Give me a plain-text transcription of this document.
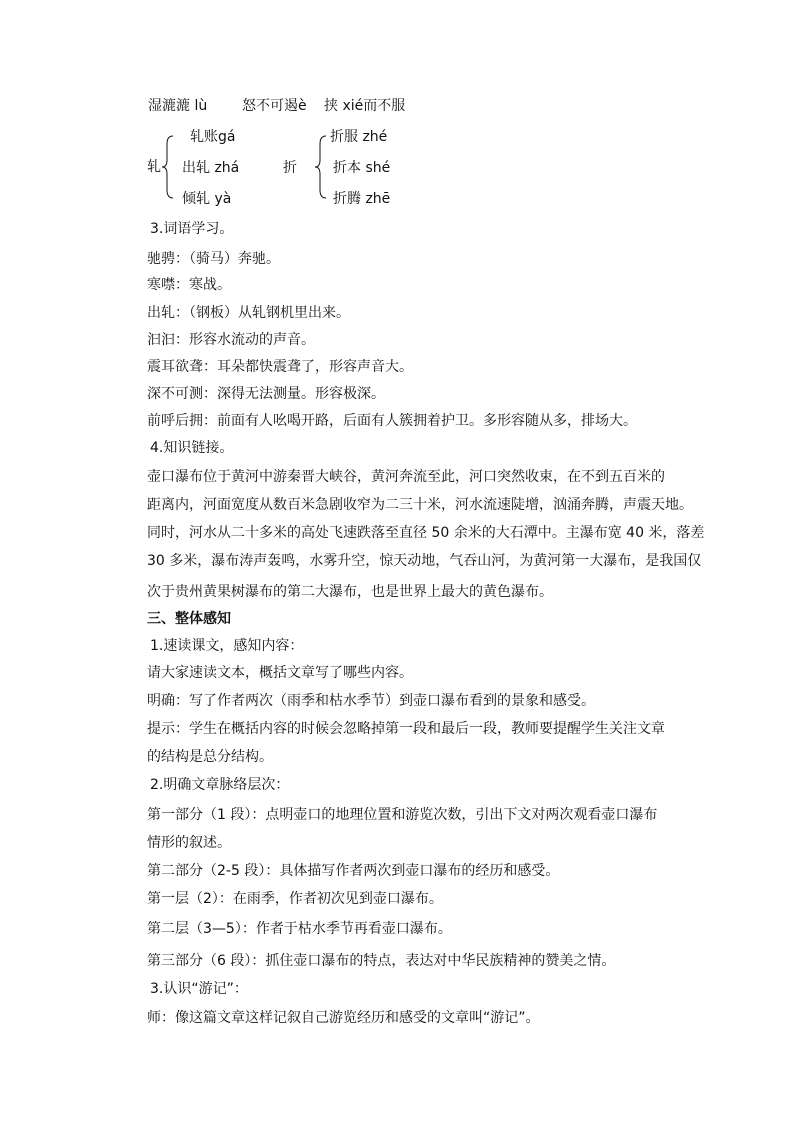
湿漉漉 lù 怒不可遏è 挟 xié而不服
轧
轧账gá
出轧 zhá
倾轧 yà
折
折服 zhé
折本 shé
折腾 zhē
3.词语学习。
驰骋：（骑马）奔驰。
寒噤：寒战。
出轧：（钢板）从轧钢机里出来。
汩汩：形容水流动的声音。
震耳欲聋：耳朵都快震聋了，形容声音大。
深不可测：深得无法测量。形容极深。
前呼后拥：前面有人吆喝开路，后面有人簇拥着护卫。多形容随从多，排场大。
4.知识链接。
壶口瀑布位于黄河中游秦晋大峡谷，黄河奔流至此，河口突然收束，在不到五百米的
距离内，河面宽度从数百米急剧收窄为二三十米，河水流速陡增，汹涌奔腾，声震天地。
同时，河水从二十多米的高处飞速跌落至直径 50 余米的大石潭中。主瀑布宽 40 米，落差
30 多米，瀑布涛声轰鸣，水雾升空，惊天动地，气吞山河，为黄河第一大瀑布，是我国仅
次于贵州黄果树瀑布的第二大瀑布，也是世界上最大的黄色瀑布。
三、整体感知
1.速读课文，感知内容：
请大家速读文本，概括文章写了哪些内容。
明确：写了作者两次（雨季和枯水季节）到壶口瀑布看到的景象和感受。
提示：学生在概括内容的时候会忽略掉第一段和最后一段，教师要提醒学生关注文章
的结构是总分结构。
2.明确文章脉络层次：
第一部分（1 段）：点明壶口的地理位置和游览次数，引出下文对两次观看壶口瀑布
情形的叙述。
第二部分（2-5 段）：具体描写作者两次到壶口瀑布的经历和感受。
第一层（2）：在雨季，作者初次见到壶口瀑布。
第二层（3—5）：作者于枯水季节再看壶口瀑布。
第三部分（6 段）：抓住壶口瀑布的特点，表达对中华民族精神的赞美之情。
3.认识“游记”：
师：像这篇文章这样记叙自己游览经历和感受的文章叫“游记”。
